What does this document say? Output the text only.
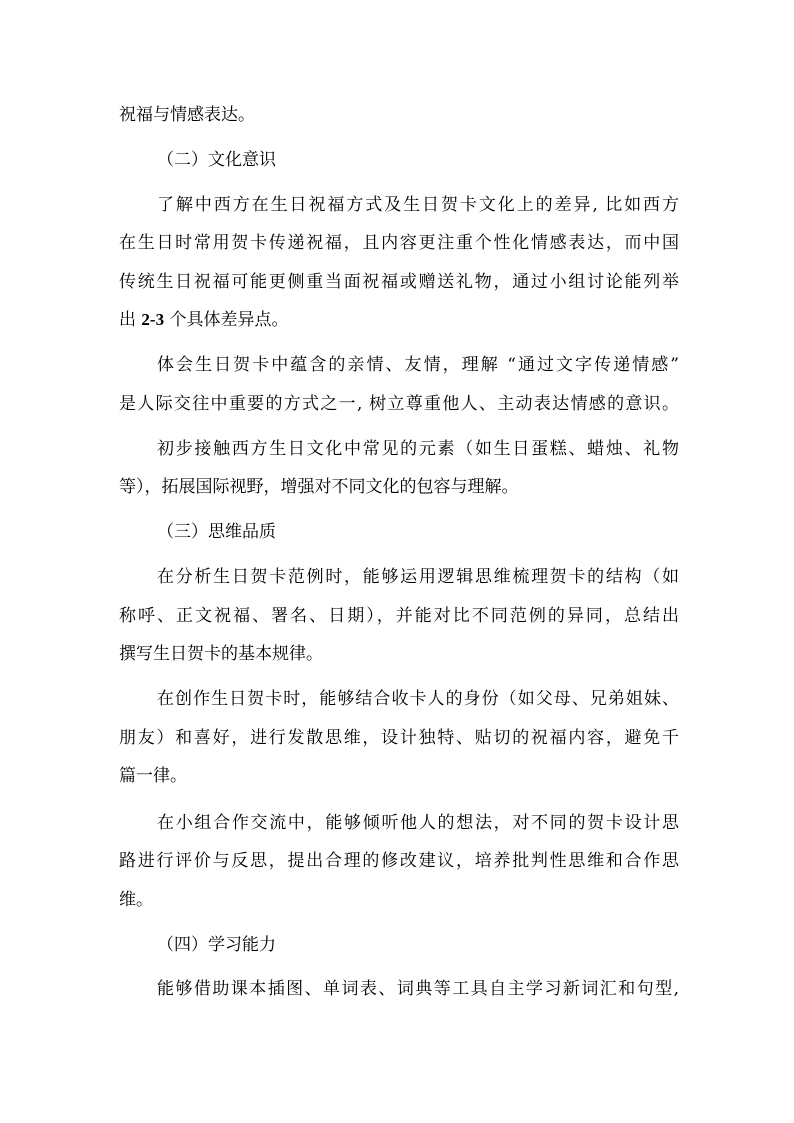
祝福与情感表达。
（二）文化意识
了解中西方在生日祝福方式及生日贺卡文化上的差异, 比如西方
在生日时常用贺卡传递祝福，且内容更注重个性化情感表达，而中国
传统生日祝福可能更侧重当面祝福或赠送礼物，通过小组讨论能列举
出 2-3 个具体差异点。
体会生日贺卡中蕴含的亲情、友情，理解 “通过文字传递情感”
是人际交往中重要的方式之一, 树立尊重他人、主动表达情感的意识。
初步接触西方生日文化中常见的元素（如生日蛋糕、蜡烛、礼物
等），拓展国际视野，增强对不同文化的包容与理解。
（三）思维品质
在分析生日贺卡范例时，能够运用逻辑思维梳理贺卡的结构（如
称呼、正文祝福、署名、日期），并能对比不同范例的异同，总结出
撰写生日贺卡的基本规律。
在创作生日贺卡时，能够结合收卡人的身份（如父母、兄弟姐妹、
朋友）和喜好，进行发散思维，设计独特、贴切的祝福内容，避免千
篇一律。
在小组合作交流中，能够倾听他人的想法，对不同的贺卡设计思
路进行评价与反思，提出合理的修改建议，培养批判性思维和合作思
维。
（四）学习能力
能够借助课本插图、单词表、词典等工具自主学习新词汇和句型,
